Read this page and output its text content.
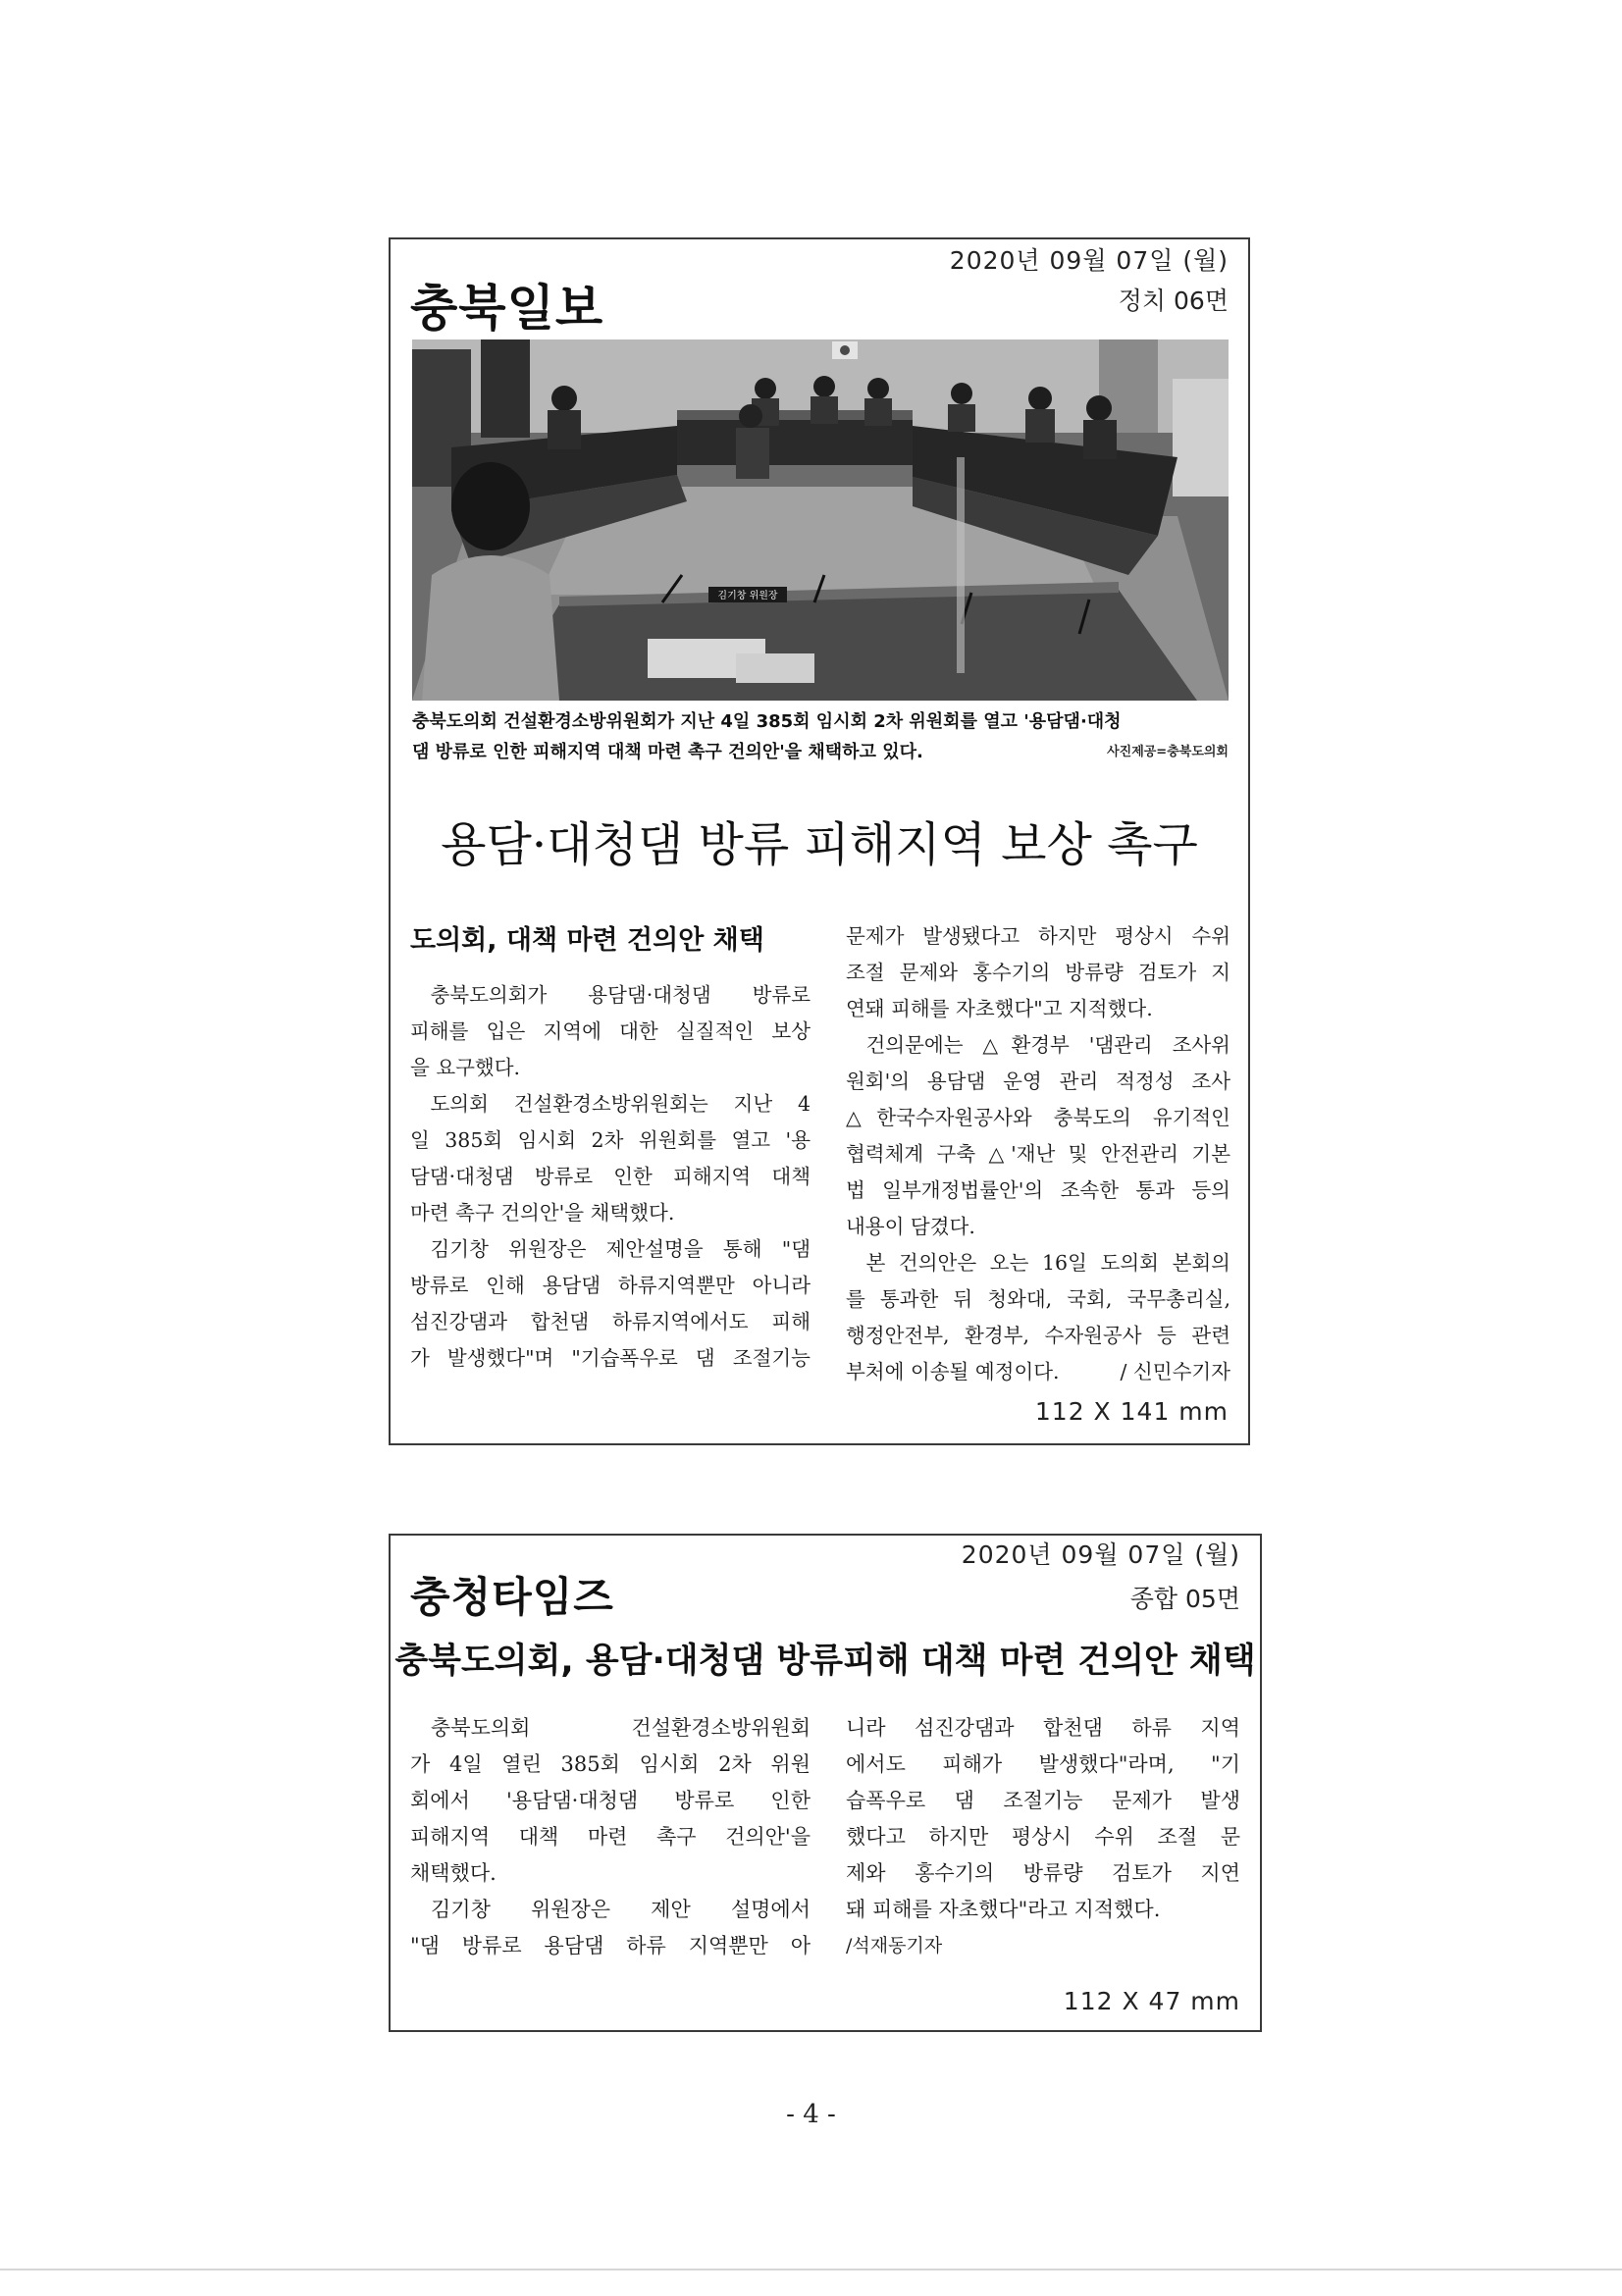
충북일보
2020년 09월 07일 (월)
정치 06면
김기창 위원장
충북도의회 건설환경소방위원회가 지난 4일 385회 임시회 2차 위원회를 열고 '용담댐·대청
댐 방류로 인한 피해지역 대책 마련 촉구 건의안'을 채택하고 있다.	사진제공=충북도의회
용담·대청댐 방류 피해지역 보상 촉구
도의회, 대책 마련 건의안 채택

충북도의회가 용담댐·대청댐 방류로

피해를 입은 지역에 대한 실질적인 보상

을 요구했다.

도의회 건설환경소방위원회는 지난 4

일 385회 임시회 2차 위원회를 열고 '용

담댐·대청댐 방류로 인한 피해지역 대책

마련 촉구 건의안'을 채택했다.

김기창 위원장은 제안설명을 통해 "댐

방류로 인해 용담댐 하류지역뿐만 아니라

섬진강댐과 합천댐 하류지역에서도 피해

가 발생했다"며 "기습폭우로 댐 조절기능

문제가 발생됐다고 하지만 평상시 수위

조절 문제와 홍수기의 방류량 검토가 지

연돼 피해를 자초했다"고 지적했다.

건의문에는 △환경부 '댐관리 조사위

원회'의 용담댐 운영 관리 적정성 조사

△한국수자원공사와 충북도의 유기적인

협력체계 구축 △'재난 및 안전관리 기본

법 일부개정법률안'의 조속한 통과 등의

내용이 담겼다.

본 건의안은 오는 16일 도의회 본회의

를 통과한 뒤 청와대, 국회, 국무총리실,

행정안전부, 환경부, 수자원공사 등 관련

부처에 이송될 예정이다.	/ 신민수기자

112 X 141 mm
충청타임즈
2020년 09월 07일 (월)
종합 05면
충북도의회, 용담·대청댐 방류피해 대책 마련 건의안 채택

충북도의회 건설환경소방위원회

가 4일 열린 385회 임시회 2차 위원

회에서 '용담댐·대청댐 방류로 인한

피해지역 대책 마련 촉구 건의안'을

채택했다.

김기창 위원장은 제안 설명에서

"댐 방류로 용담댐 하류 지역뿐만 아

니라 섬진강댐과 합천댐 하류 지역

에서도 피해가 발생했다"라며, "기

습폭우로 댐 조절기능 문제가 발생

했다고 하지만 평상시 수위 조절 문

제와 홍수기의 방류량 검토가 지연

돼 피해를 자초했다"라고 지적했다.

/석재동기자

112 X 47 mm
- 4 -
